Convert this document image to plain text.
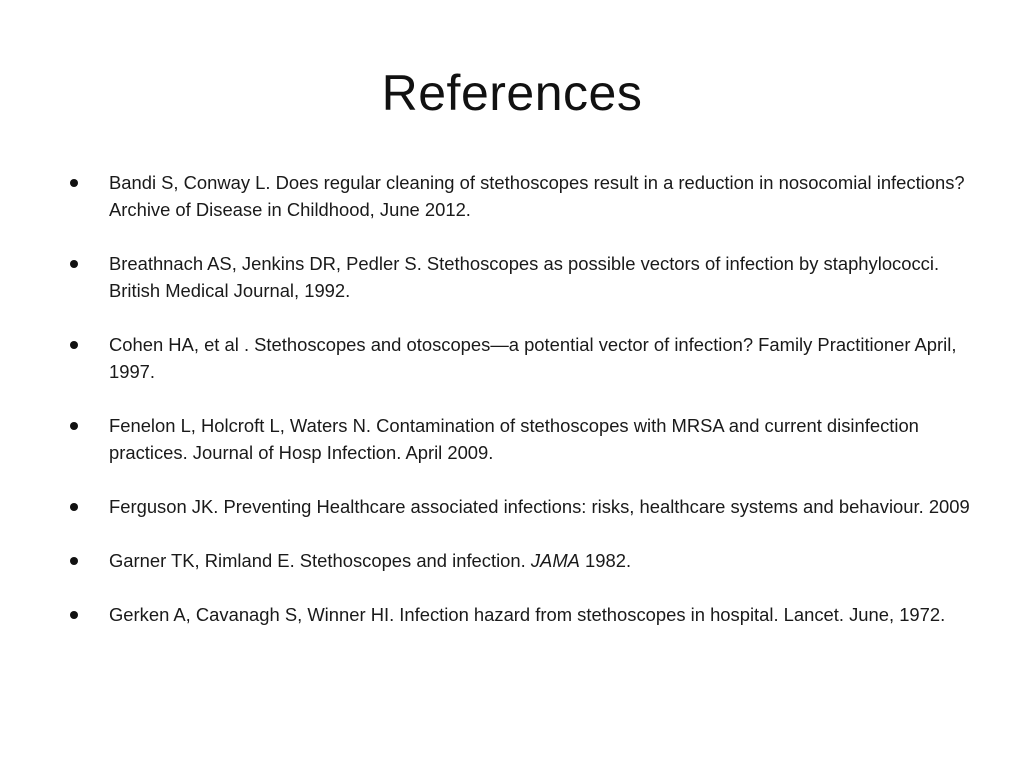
References
Bandi S, Conway L. Does regular cleaning of stethoscopes result in a reduction in nosocomial infections? Archive of Disease in Childhood, June 2012.
Breathnach AS, Jenkins DR, Pedler S. Stethoscopes as possible vectors of infection by staphylococci. British Medical Journal, 1992.
Cohen HA, et al . Stethoscopes and otoscopes—a potential vector of infection? Family Practitioner April, 1997.
Fenelon L, Holcroft L, Waters N. Contamination of stethoscopes with MRSA and current disinfection practices. Journal of Hosp Infection. April 2009.
Ferguson JK. Preventing Healthcare associated infections: risks, healthcare systems and behaviour. 2009
Garner TK, Rimland E. Stethoscopes and infection. JAMA 1982.
Gerken A, Cavanagh S, Winner HI. Infection hazard from stethoscopes in hospital. Lancet. June, 1972.
